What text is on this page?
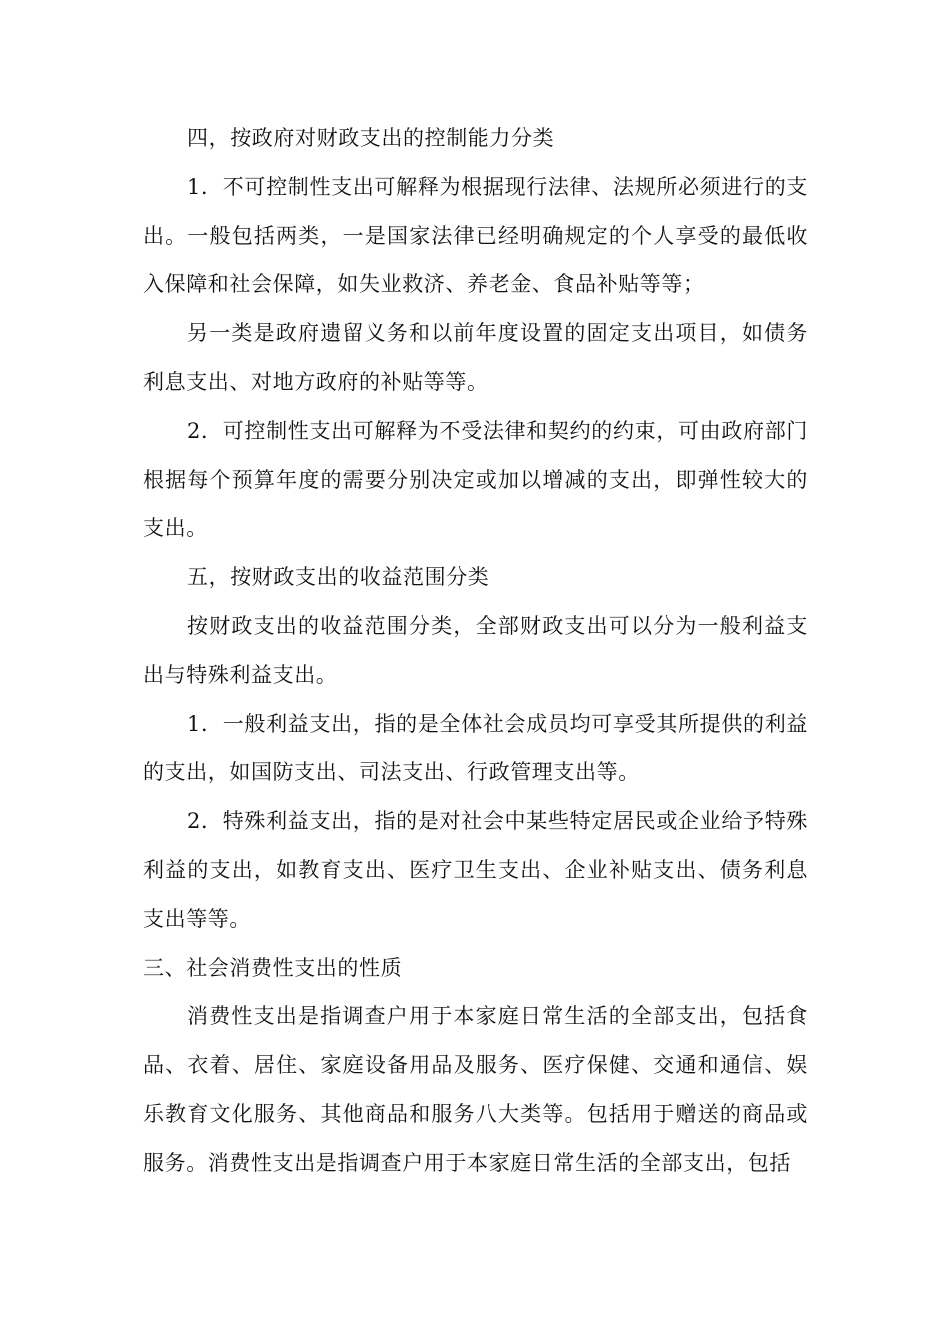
四，按政府对财政支出的控制能力分类

1．不可控制性支出可解释为根据现行法律、法规所必须进行的支出。一般包括两类，一是国家法律已经明确规定的个人享受的最低收入保障和社会保障，如失业救济、养老金、食品补贴等等；

另一类是政府遗留义务和以前年度设置的固定支出项目，如债务利息支出、对地方政府的补贴等等。

2．可控制性支出可解释为不受法律和契约的约束，可由政府部门根据每个预算年度的需要分别决定或加以增减的支出，即弹性较大的支出。

五，按财政支出的收益范围分类

按财政支出的收益范围分类，全部财政支出可以分为一般利益支出与特殊利益支出。

1．一般利益支出，指的是全体社会成员均可享受其所提供的利益的支出，如国防支出、司法支出、行政管理支出等。

2．特殊利益支出，指的是对社会中某些特定居民或企业给予特殊利益的支出，如教育支出、医疗卫生支出、企业补贴支出、债务利息支出等等。

三、社会消费性支出的性质

消费性支出是指调查户用于本家庭日常生活的全部支出，包括食品、衣着、居住、家庭设备用品及服务、医疗保健、交通和通信、娱乐教育文化服务、其他商品和服务八大类等。包括用于赠送的商品或服务。消费性支出是指调查户用于本家庭日常生活的全部支出，包括
